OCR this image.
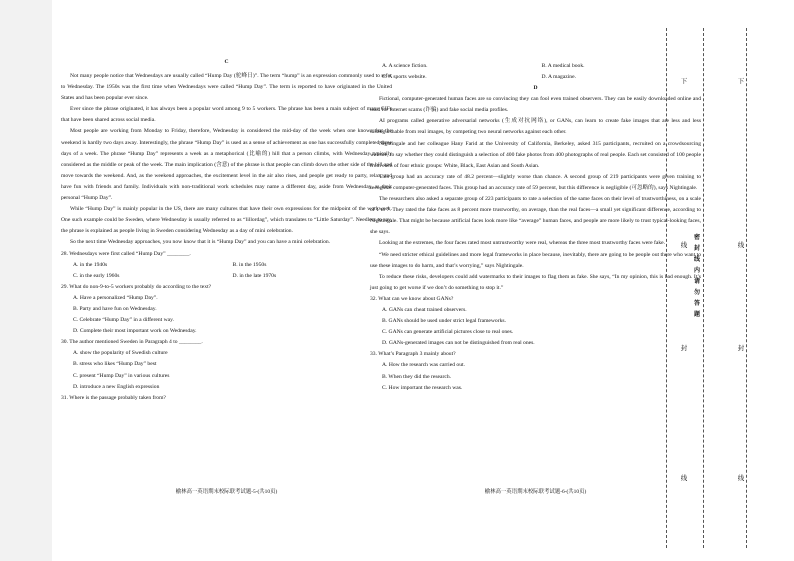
C

Not many people notice that Wednesdays are usually called “Hump Day (驼峰日)”. The term “hump” is an expression commonly used to refer to Wednesday. The 1950s was the first time when Wednesdays were called “Hump Day”. The term is reported to have originated in the United States and has been popular ever since.

Ever since the phrase originated, it has always been a popular word among 9 to 5 workers. The phrase has been a main subject of many GIFs that have been shared across social media.

Most people are working from Monday to Friday, therefore, Wednesday is considered the mid-day of the week when one knows that the weekend is hardly two days away. Interestingly, the phrase “Hump Day” is used as a sense of achievement as one has successfully completed three days of a week. The phrase “Hump Day” represents a week as a metaphorical (比喻的) hill that a person climbs, with Wednesday typically considered as the middle or peak of the week. The main implication (含意) of the phrase is that people can climb down the other side of the hill and move towards the weekend. And, as the weekend approaches, the excitement level in the air also rises, and people get ready to party, relax, and have fun with friends and family. Individuals with non-traditional work schedules may name a different day, aside from Wednesday, as their personal “Hump Day”.

While “Hump Day” is mainly popular in the US, there are many cultures that have their own expressions for the midpoint of the workweek. One such example could be Sweden, where Wednesday is usually referred to as “lillordag”, which translates to “Little Saturday”. Needless to say, the phrase is explained as people living in Sweden considering Wednesday as a day of mini celebration.

So the next time Wednesday approaches, you now know that it is “Hump Day” and you can have a mini celebration.

28. Wednesdays were first called “Hump Day” ________.
A. in the 1940s	B. in the 1950s
C. in the early 1960s	D. in the late 1970s
29. What do non-9-to-5 workers probably do according to the text?
A. Have a personalized “Hump Day”.
B. Party and have fun on Wednesday.
C. Celebrate “Hump Day” in a different way.
D. Complete their most important work on Wednesday.
30. The author mentioned Sweden in Paragraph 4 to ________.
A. show the popularity of Swedish culture
B. stress who likes “Hump Day” best
C. present “Hump Day” in various cultures
D. introduce a new English expression
31. Where is the passage probably taken from?
榆林高一英语期末校际联考试题-5-(共10页)
A. A science fiction.	B. A medical book.
C. A sports website.	D. A magazine.
D

Fictional, computer-generated human faces are so convincing they can fool even trained observers. They can be easily downloaded online and used for Internet scams (诈骗) and fake social media profiles.

AI programs called generative adversarial networks (生成对抗网络), or GANs, can learn to create fake images that are less and less distinguishable from real images, by competing two neural networks against each other.

Nightingale and her colleague Hany Farid at the University of California, Berkeley, asked 315 participants, recruited on a crowdsourcing website, to say whether they could distinguish a selection of 400 fake photos from 400 photographs of real people. Each set consisted of 100 people from each of four ethnic groups: White, Black, East Asian and South Asian.

This group had an accuracy rate of 48.2 percent—slightly worse than chance. A second group of 219 participants were given training to recognize computer-generated faces. This group had an accuracy rate of 59 percent, but this difference is negligible (可忽略的), says Nightingale.

The researchers also asked a separate group of 223 participants to rate a selection of the same faces on their level of trustworthiness, on a scale of 1 to 7. They rated the fake faces as 8 percent more trustworthy, on average, than the real faces—a small yet significant difference, according to Nightingale. That might be because artificial faces look more like “average” human faces, and people are more likely to trust typical-looking faces, she says.

Looking at the extremes, the four faces rated most untrustworthy were real, whereas the three most trustworthy faces were fake.

“We need stricter ethical guidelines and more legal frameworks in place because, inevitably, there are going to be people out there who want to use these images to do harm, and that’s worrying,” says Nightingale.

To reduce these risks, developers could add watermarks to their images to flag them as fake. She says, “In my opinion, this is bad enough. It’s just going to get worse if we don’t do something to stop it.”

32. What can we know about GANs?
A. GANs can cheat trained observers.
B. GANs should be used under strict legal frameworks.
C. GANs can generate artificial pictures close to real ones.
D. GANs-generated images can not be distinguished from real ones.
33. What’s Paragraph 3 mainly about?
A. How the research was carried out.
B. When they did the research.
C. How important the research was.
榆林高一英语期末校际联考试题-6-(共10页)
下
线
密
封
线
内
请
勿
答
题
封
线
下
线
封
线
